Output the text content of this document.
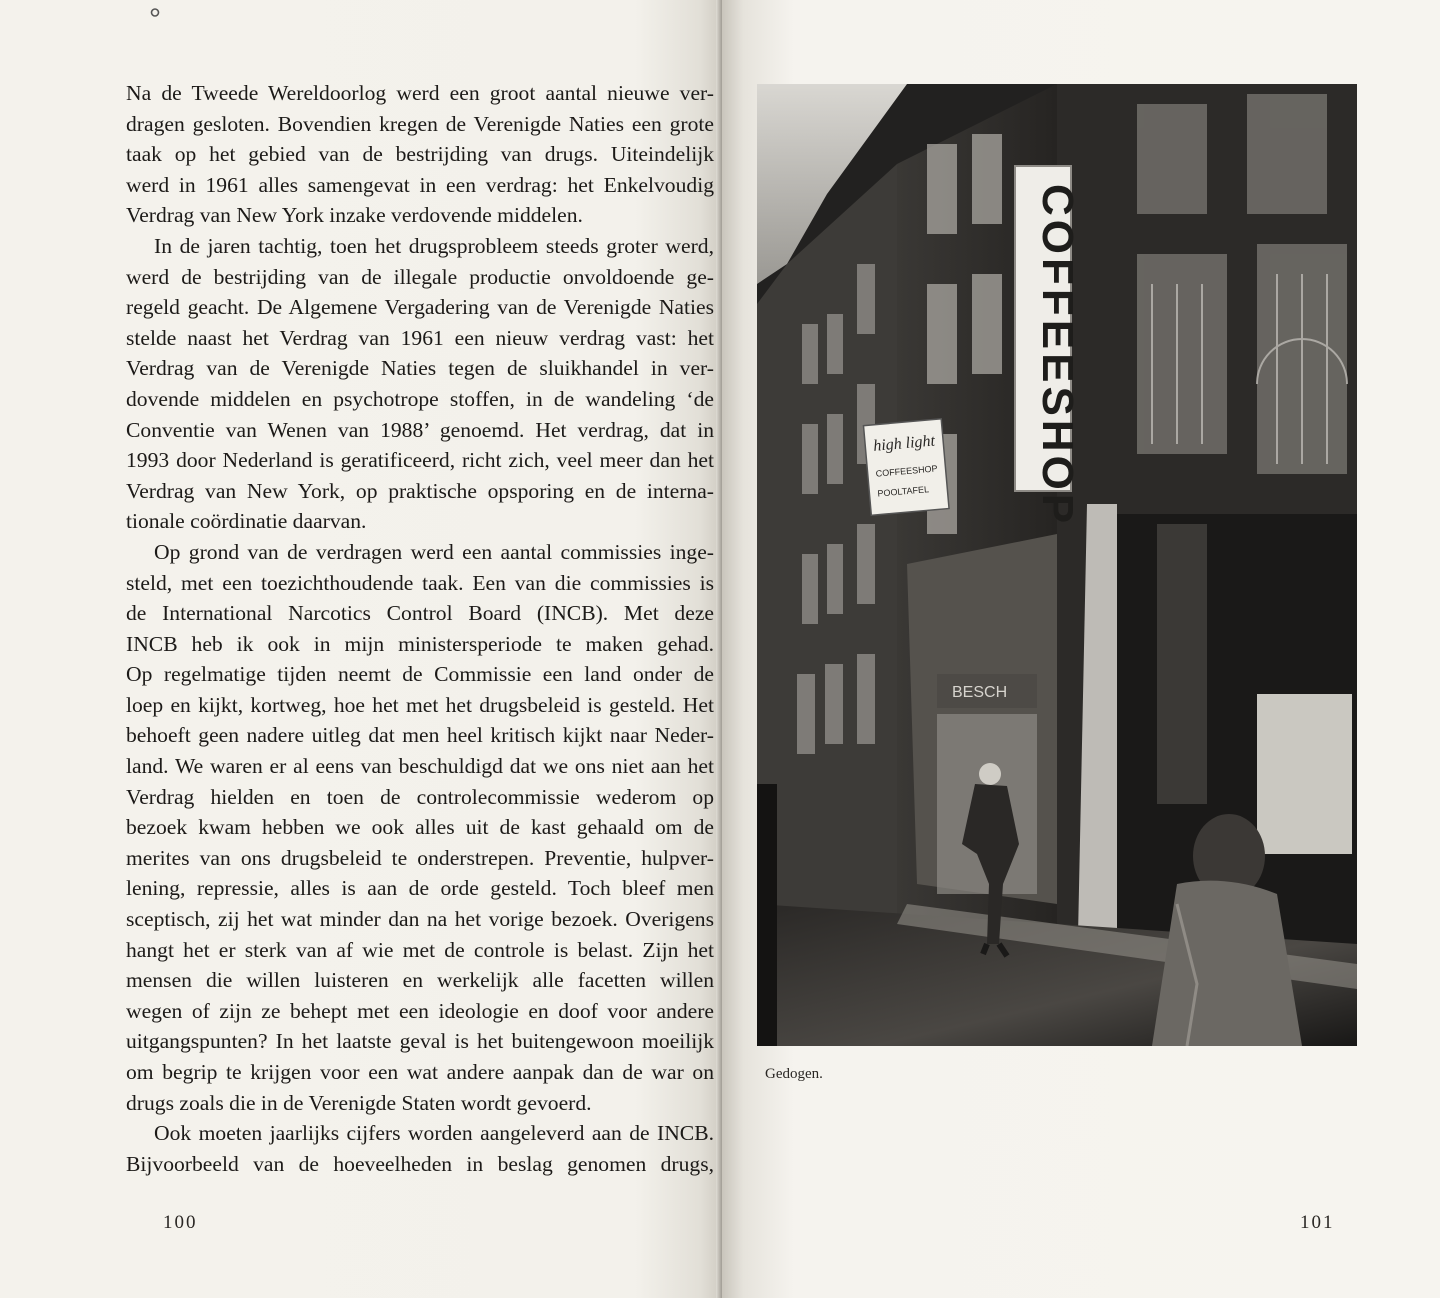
Na de Tweede Wereldoorlog werd een groot aantal nieuwe ver-
dragen gesloten. Bovendien kregen de Verenigde Naties een grote
taak op het gebied van de bestrijding van drugs. Uiteindelijk
werd in 1961 alles samengevat in een verdrag: het Enkelvoudig
Verdrag van New York inzake verdovende middelen.

In de jaren tachtig, toen het drugsprobleem steeds groter werd,
werd de bestrijding van de illegale productie onvoldoende ge-
regeld geacht. De Algemene Vergadering van de Verenigde Naties
stelde naast het Verdrag van 1961 een nieuw verdrag vast: het
Verdrag van de Verenigde Naties tegen de sluikhandel in ver-
dovende middelen en psychotrope stoffen, in de wandeling ‘de
Conventie van Wenen van 1988’ genoemd. Het verdrag, dat in
1993 door Nederland is geratificeerd, richt zich, veel meer dan het
Verdrag van New York, op praktische opsporing en de interna-
tionale coördinatie daarvan.

Op grond van de verdragen werd een aantal commissies inge-
steld, met een toezichthoudende taak. Een van die commissies is
de International Narcotics Control Board (INCB). Met deze
INCB heb ik ook in mijn ministersperiode te maken gehad.
Op regelmatige tijden neemt de Commissie een land onder de
loep en kijkt, kortweg, hoe het met het drugsbeleid is gesteld. Het
behoeft geen nadere uitleg dat men heel kritisch kijkt naar Neder-
land. We waren er al eens van beschuldigd dat we ons niet aan het
Verdrag hielden en toen de controlecommissie wederom op
bezoek kwam hebben we ook alles uit de kast gehaald om de
merites van ons drugsbeleid te onderstrepen. Preventie, hulpver-
lening, repressie, alles is aan de orde gesteld. Toch bleef men
sceptisch, zij het wat minder dan na het vorige bezoek. Overigens
hangt het er sterk van af wie met de controle is belast. Zijn het
mensen die willen luisteren en werkelijk alle facetten willen
wegen of zijn ze behept met een ideologie en doof voor andere
uitgangspunten? In het laatste geval is het buitengewoon moeilijk
om begrip te krijgen voor een wat andere aanpak dan de war on
drugs zoals die in de Verenigde Staten wordt gevoerd.

Ook moeten jaarlijks cijfers worden aangeleverd aan de INCB.
Bijvoorbeeld van de hoeveelheden in beslag genomen drugs,

100
BESCH
COFFEESHOP
high light
COFFEESHOP
POOLTAFEL
Gedogen.
101
